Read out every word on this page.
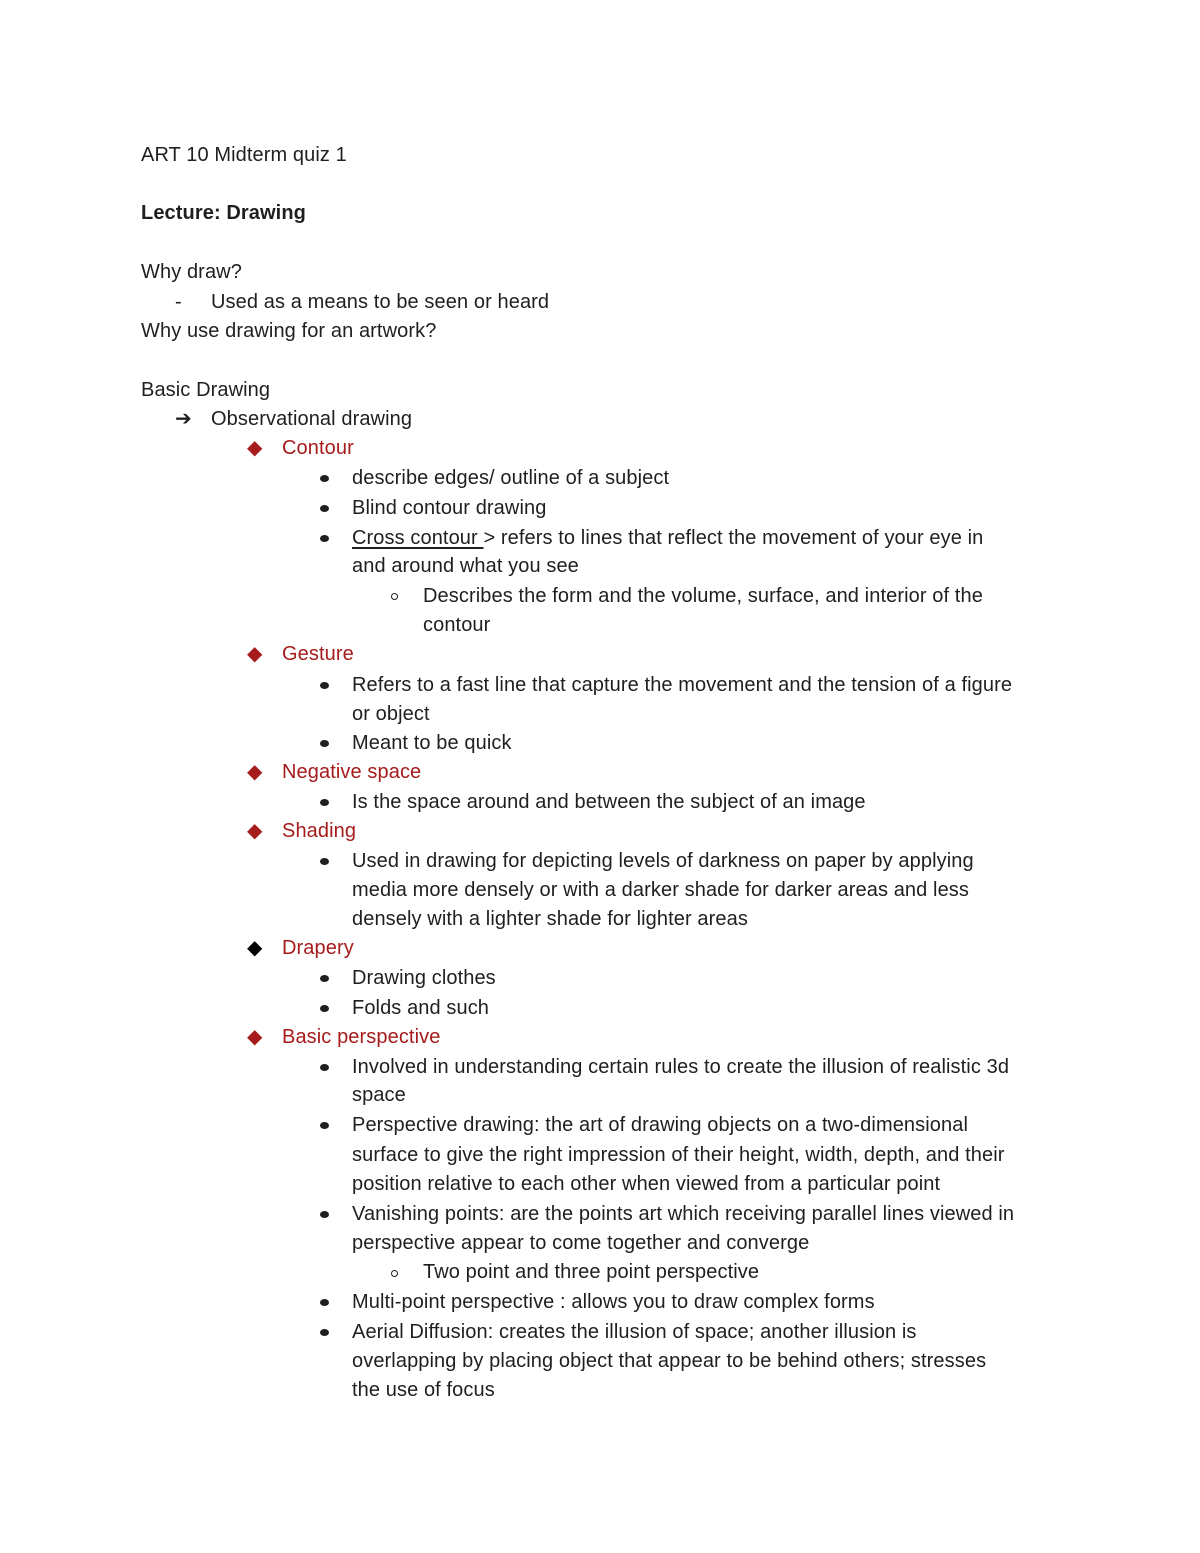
ART 10 Midterm quiz 1
Lecture: Drawing
Why draw?
- Used as a means to be seen or heard
Why use drawing for an artwork?
Basic Drawing
➔ Observational drawing
◆ Contour
describe edges/ outline of a subject
Blind contour drawing
Cross contour > refers to lines that reflect the movement of your eye in
and around what you see
Describes the form and the volume, surface, and interior of the
contour
◆ Gesture
Refers to a fast line that capture the movement and the tension of a figure
or object
Meant to be quick
◆ Negative space
Is the space around and between the subject of an image
◆ Shading
Used in drawing for depicting levels of darkness on paper by applying
media more densely or with a darker shade for darker areas and less
densely with a lighter shade for lighter areas
◆ Drapery
Drawing clothes
Folds and such
◆ Basic perspective
Involved in understanding certain rules to create the illusion of realistic 3d
space
Perspective drawing: the art of drawing objects on a two-dimensional
surface to give the right impression of their height, width, depth, and their
position relative to each other when viewed from a particular point
Vanishing points: are the points art which receiving parallel lines viewed in
perspective appear to come together and converge
Two point and three point perspective
Multi-point perspective : allows you to draw complex forms
Aerial Diffusion: creates the illusion of space; another illusion is
overlapping by placing object that appear to be behind others; stresses
the use of focus
